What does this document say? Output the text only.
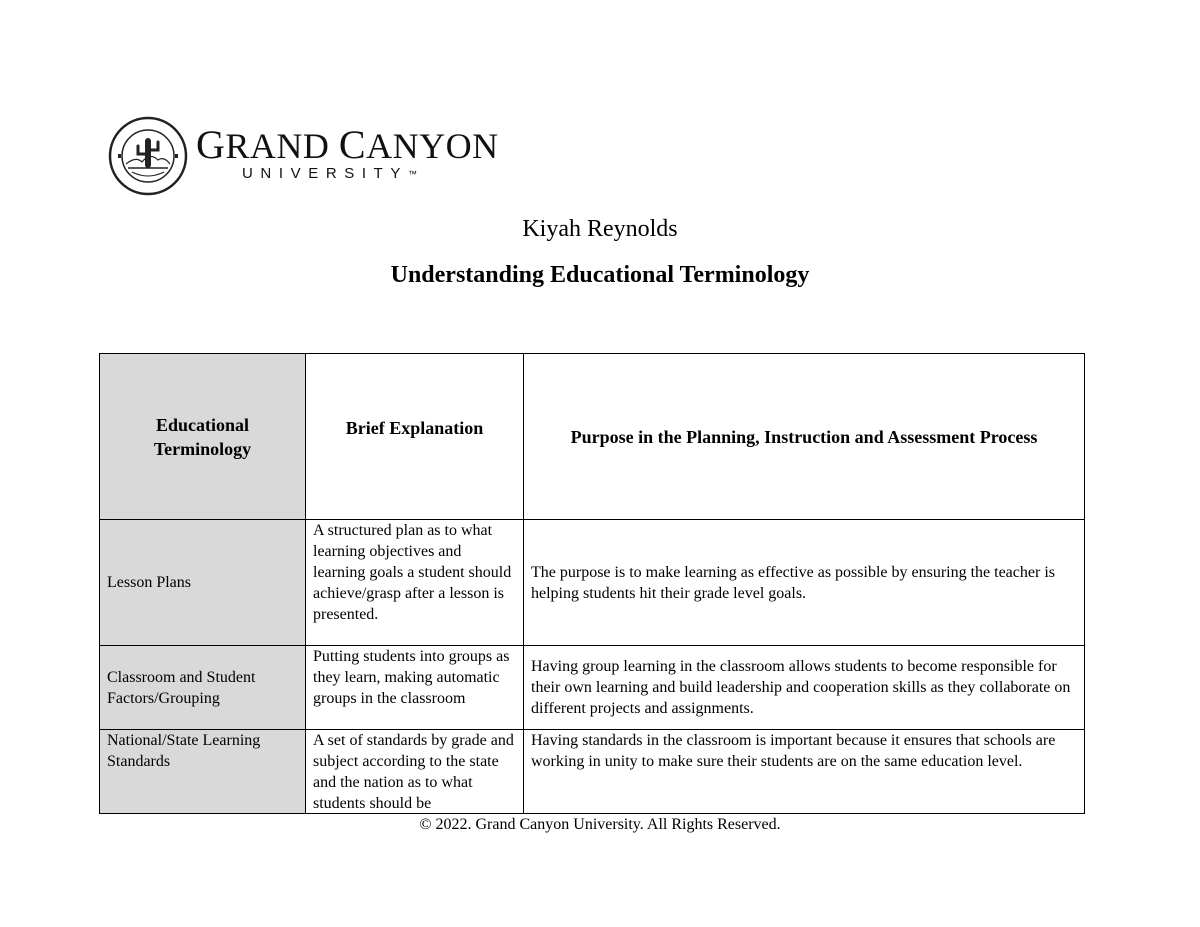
GRAND CANYON
UNIVERSITY™
Kiyah Reynolds
Understanding Educational Terminology
Educational Terminology	Brief Explanation	Purpose in the Planning, Instruction and Assessment Process
Lesson Plans	A structured plan as to what learning objectives and learning goals a student should achieve/grasp after a lesson is presented.	The purpose is to make learning as effective as possible by ensuring the teacher is helping students hit their grade level goals.
Classroom and Student Factors/Grouping	Putting students into groups as they learn, making automatic groups in the classroom	Having group learning in the classroom allows students to become responsible for their own learning and build leadership and cooperation skills as they collaborate on different projects and assignments.

National/State Learning Standards	A set of standards by grade and subject according to the state and the nation as to what students should be	Having standards in the classroom is important because it ensures that schools are working in unity to make sure their students are on the same education level.
© 2022. Grand Canyon University. All Rights Reserved.
